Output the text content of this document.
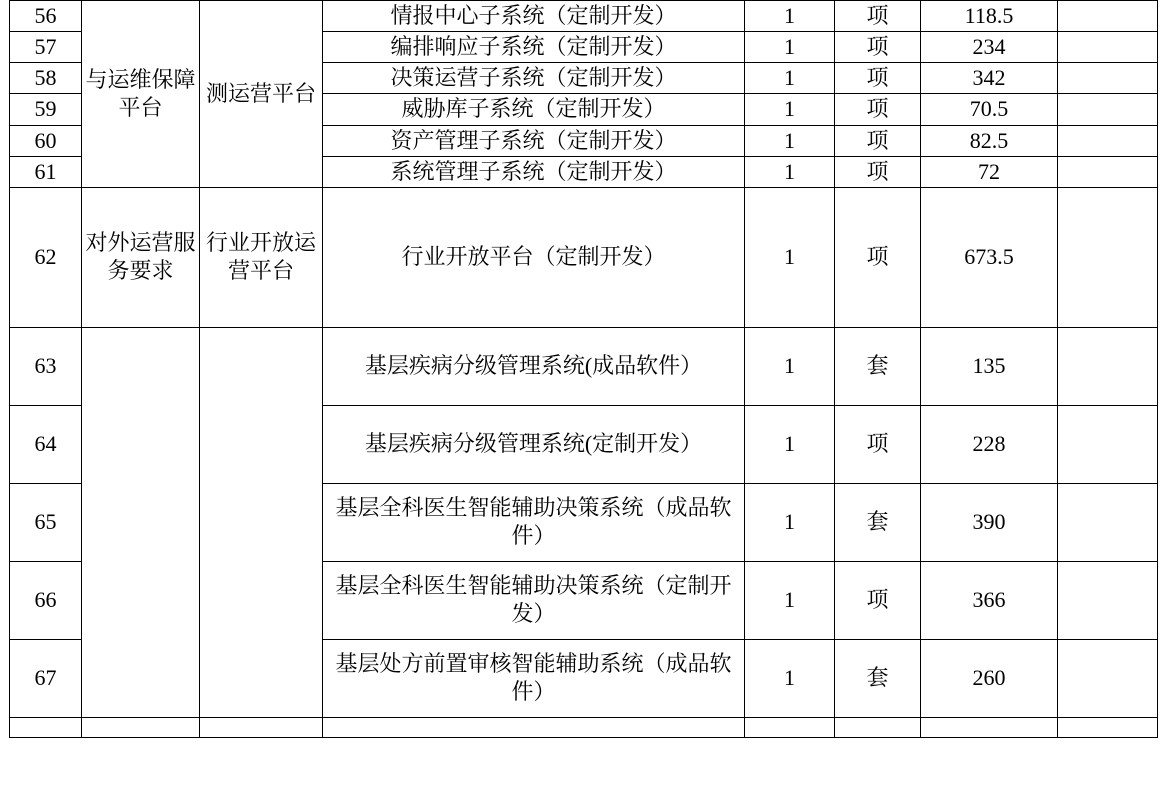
56	与运维保障平台	测运营平台	情报中心子系统（定制开发）	1	项	118.5	
57			编排响应子系统（定制开发）	1	项	234	
58			决策运营子系统（定制开发）	1	项	342	
59			威胁库子系统（定制开发）	1	项	70.5	
60			资产管理子系统（定制开发）	1	项	82.5	
61			系统管理子系统（定制开发）	1	项	72	
62	对外运营服务要求	行业开放运营平台	行业开放平台（定制开发）	1	项	673.5	
63			基层疾病分级管理系统(成品软件）	1	套	135	
64			基层疾病分级管理系统(定制开发）	1	项	228	
65			基层全科医生智能辅助决策系统（成品软件）	1	套	390	
66			基层全科医生智能辅助决策系统（定制开发）	1	项	366	
67			基层处方前置审核智能辅助系统（成品软件）	1	套	260	
